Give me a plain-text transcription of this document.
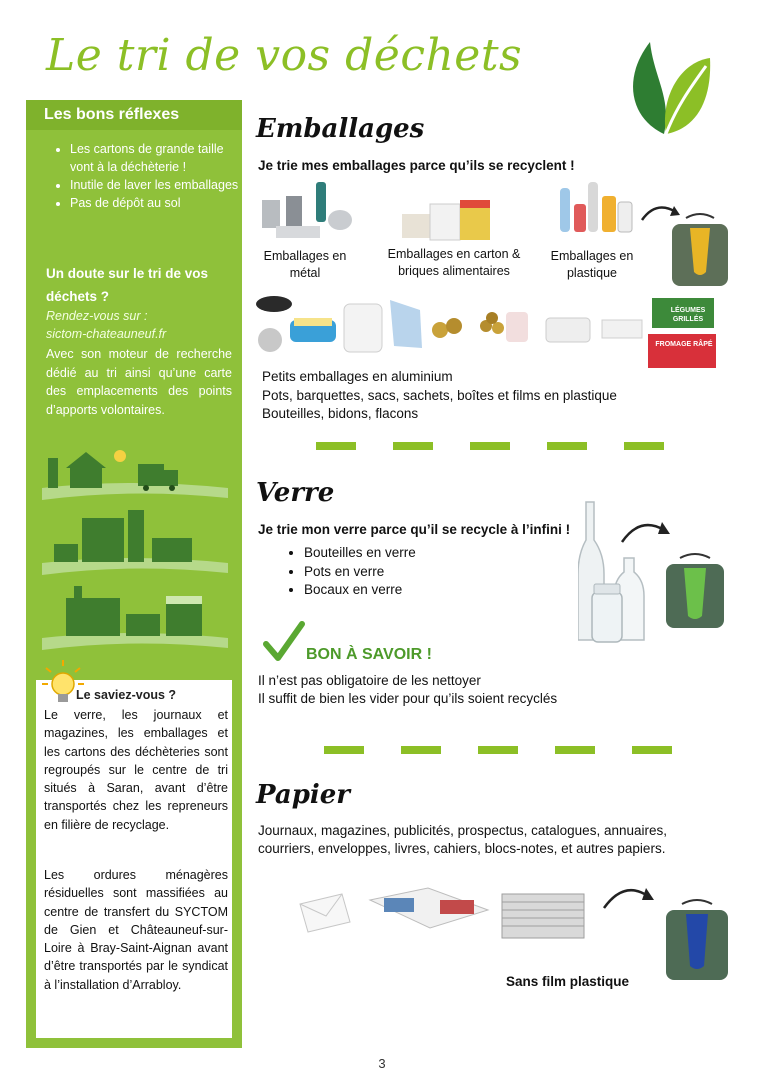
Le tri de vos déchets
Les bons réflexes
• Les cartons de grande taille vont à la déchèterie !
• Inutile de laver les emballages
• Pas de dépôt au sol
Un doute sur le tri de vos déchets ?
Rendez-vous sur :
sictom-chateauneuf.fr
Avec son moteur de recherche dédié au tri ainsi qu’une carte des emplacements des points d’apports volontaires.
Le saviez-vous ?

Le verre, les journaux et magazines, les emballages et les cartons des déchèteries sont regroupés sur le centre de tri situés à Saran, avant d’être transportés chez les repreneurs en filière de recyclage.

Les ordures ménagères résiduelles sont massifiées au centre de transfert du SYCTOM de Gien et Châteauneuf-sur-Loire à Bray-Saint-Aignan avant d’être transportés par le syndicat à l’installation d’Arrabloy.

Emballages
Je trie mes emballages parce qu’ils se recyclent !
Emballages en métal
Emballages en carton & briques alimentaires
Emballages en plastique
LÉGUMES GRILLÉS
FROMAGE RÂPÉ
Petits emballages en aluminium
Pots, barquettes, sacs, sachets, boîtes et films en plastique
Bouteilles, bidons, flacons
Verre
Je trie mon verre parce qu’il se recycle à l’infini !
• Bouteilles en verre
• Pots en verre
• Bocaux en verre
BON À SAVOIR !
Il n’est pas obligatoire de les nettoyer
Il suffit de bien les vider pour qu’ils soient recyclés
Papier
Journaux, magazines, publicités, prospectus, catalogues, annuaires,
courriers, enveloppes, livres, cahiers, blocs-notes, et autres papiers.
Sans film plastique
3
